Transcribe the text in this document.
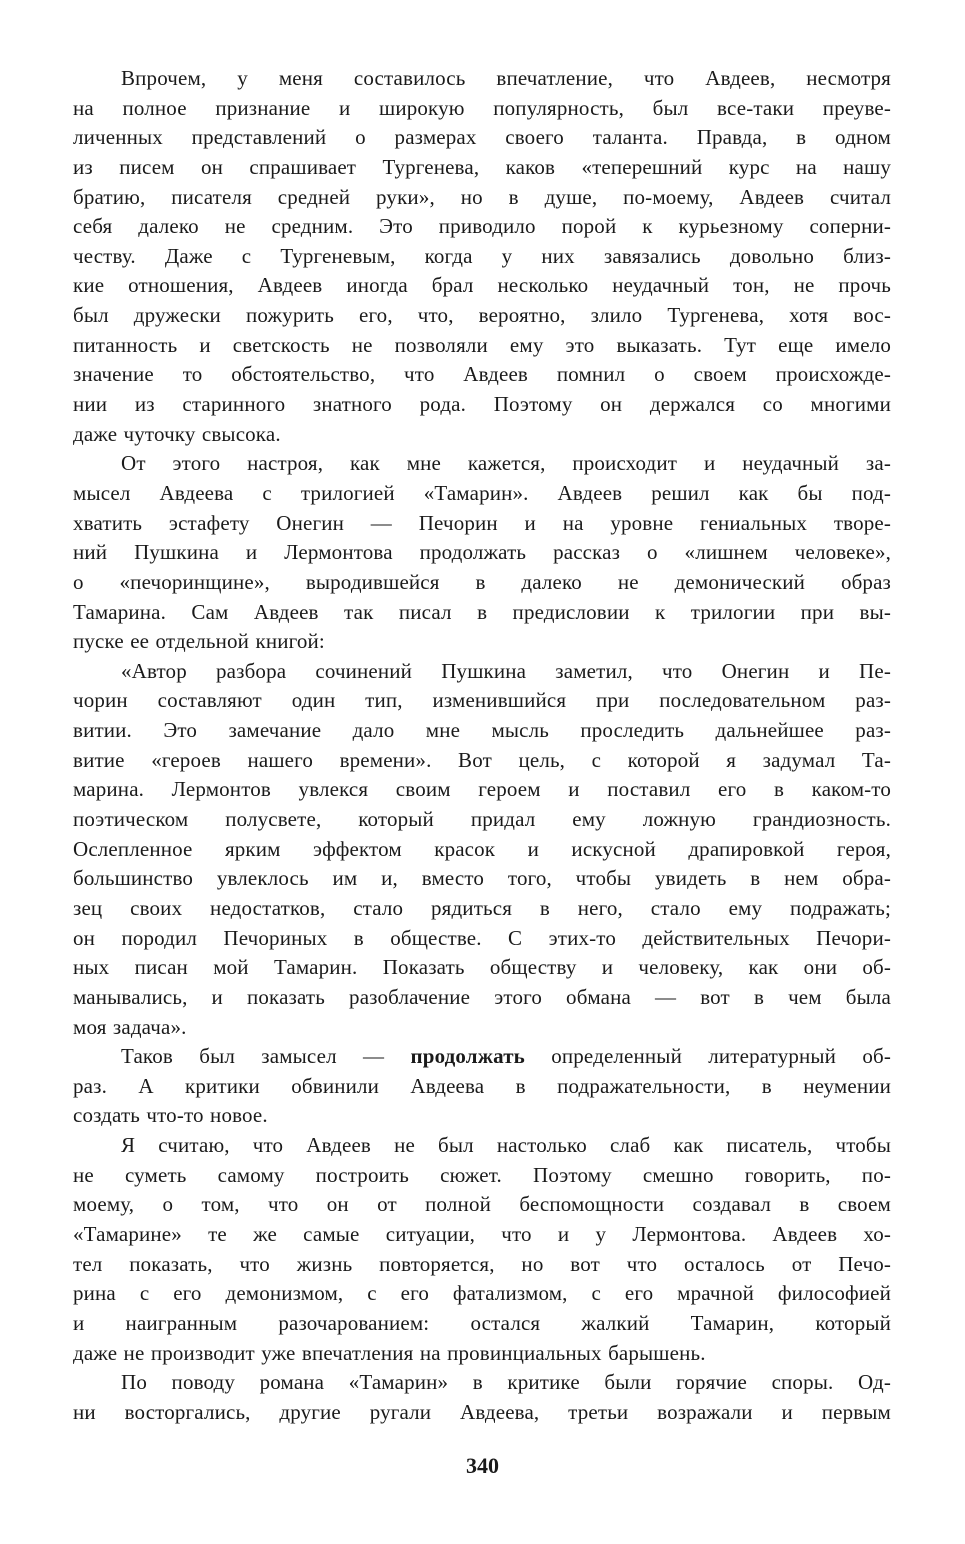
Впрочем, у меня составилось впечатление, что Авдеев, несмотря
на полное признание и широкую популярность, был все-таки преуве-
личенных представлений о размерах своего таланта. Правда, в одном
из писем он спрашивает Тургенева, каков «теперешний курс на нашу
братию, писателя средней руки», но в душе, по-моему, Авдеев считал
себя далеко не средним. Это приводило порой к курьезному соперни-
честву. Даже с Тургеневым, когда у них завязались довольно близ-
кие отношения, Авдеев иногда брал несколько неудачный тон, не прочь
был дружески пожурить его, что, вероятно, злило Тургенева, хотя вос-
питанность и светскость не позволяли ему это выказать. Тут еще имело
значение то обстоятельство, что Авдеев помнил о своем происхожде-
нии из старинного знатного рода. Поэтому он держался со многими
даже чуточку свысока.
От этого настроя, как мне кажется, происходит и неудачный за-
мысел Авдеева с трилогией «Тамарин». Авдеев решил как бы под-
хватить эстафету Онегин — Печорин и на уровне гениальных творе-
ний Пушкина и Лермонтова продолжать рассказ о «лишнем человеке»,
о «печоринщине», выродившейся в далеко не демонический образ
Тамарина. Сам Авдеев так писал в предисловии к трилогии при вы-
пуске ее отдельной книгой:
«Автор разбора сочинений Пушкина заметил, что Онегин и Пе-
чорин составляют один тип, изменившийся при последовательном раз-
витии. Это замечание дало мне мысль проследить дальнейшее раз-
витие «героев нашего времени». Вот цель, с которой я задумал Та-
марина. Лермонтов увлекся своим героем и поставил его в каком-то
поэтическом полусвете, который придал ему ложную грандиозность.
Ослепленное ярким эффектом красок и искусной драпировкой героя,
большинство увлеклось им и, вместо того, чтобы увидеть в нем обра-
зец своих недостатков, стало рядиться в него, стало ему подражать;
он породил Печориных в обществе. С этих-то действительных Печори-
ных писан мой Тамарин. Показать обществу и человеку, как они об-
манывались, и показать разоблачение этого обмана — вот в чем была
моя задача».
Таков был замысел — продолжать определенный литературный об-
раз. А критики обвинили Авдеева в подражательности, в неумении
создать что-то новое.
Я считаю, что Авдеев не был настолько слаб как писатель, чтобы
не суметь самому построить сюжет. Поэтому смешно говорить, по-
моему, о том, что он от полной беспомощности создавал в своем
«Тамарине» те же самые ситуации, что и у Лермонтова. Авдеев хо-
тел показать, что жизнь повторяется, но вот что осталось от Печо-
рина с его демонизмом, с его фатализмом, с его мрачной философией
и наигранным разочарованием: остался жалкий Тамарин, который
даже не производит уже впечатления на провинциальных барышень.
По поводу романа «Тамарин» в критике были горячие споры. Од-
ни восторгались, другие ругали Авдеева, третьи возражали и первым
340
